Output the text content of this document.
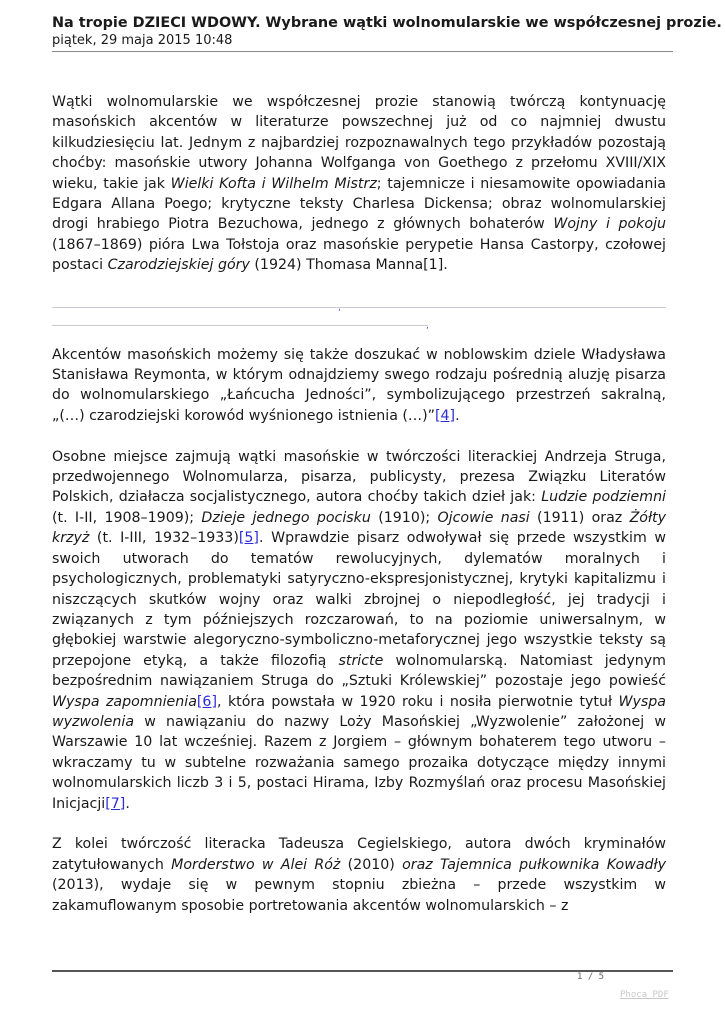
Na tropie DZIECI WDOWY. Wybrane wątki wolnomularskie we współczesnej prozie.
piątek, 29 maja 2015 10:48

Wątki wolnomularskie we współczesnej prozie stanowią twórczą kontynuację masońskich akcentów w literaturze powszechnej już od co najmniej dwustu kilkudziesięciu lat. Jednym z najbardziej rozpoznawalnych tego przykładów pozostają choćby: masońskie utwory Johanna Wolfganga von Goethego z przełomu XVIII/XIX wieku, takie jak Wielki Kofta i Wilhelm Mistrz; tajemnicze i niesamowite opowiadania Edgara Allana Poego; krytyczne teksty Charlesa Dickensa; obraz wolnomularskiej drogi hrabiego Piotra Bezuchowa, jednego z głównych bohaterów Wojny i pokoju (1867–1869) pióra Lwa Tołstoja oraz masońskie perypetie Hansa Castorpy, czołowej postaci Czarodziejskiej góry (1924) Thomasa Manna[1].

,
,

Akcentów masońskich możemy się także doszukać w noblowskim dziele Władysława Stanisława Reymonta, w którym odnajdziemy swego rodzaju pośrednią aluzję pisarza do wolnomularskiego „Łańcucha Jedności”, symbolizującego przestrzeń sakralną, „(…) czarodziejski korowód wyśnionego istnienia (…)”[4].

Osobne miejsce zajmują wątki masońskie w twórczości literackiej Andrzeja Struga, przedwojennego Wolnomularza, pisarza, publicysty, prezesa Związku Literatów Polskich, działacza socjalistycznego, autora choćby takich dzieł jak: Ludzie podziemni (t. I-II, 1908–1909); Dzieje jednego pocisku (1910); Ojcowie nasi (1911) oraz Żółty krzyż (t. I-III, 1932–1933)[5]. Wprawdzie pisarz odwoływał się przede wszystkim w swoich utworach do tematów rewolucyjnych, dylematów moralnych i psychologicznych, problematyki satyryczno-ekspresjonistycznej, krytyki kapitalizmu i niszczących skutków wojny oraz walki zbrojnej o niepodległość, jej tradycji i związanych z tym późniejszych rozczarowań, to na poziomie uniwersalnym, w głębokiej warstwie alegoryczno-symboliczno-metaforycznej jego wszystkie teksty są przepojone etyką, a także filozofią stricte wolnomularską. Natomiast jedynym bezpośrednim nawiązaniem Struga do „Sztuki Królewskiej” pozostaje jego powieść Wyspa zapomnienia[6], która powstała w 1920 roku i nosiła pierwotnie tytuł Wyspa wyzwolenia w nawiązaniu do nazwy Loży Masońskiej „Wyzwolenie” założonej w Warszawie 10 lat wcześniej. Razem z Jorgiem – głównym bohaterem tego utworu – wkraczamy tu w subtelne rozważania samego prozaika dotyczące między innymi wolnomularskich liczb 3 i 5, postaci Hirama, Izby Rozmyślań oraz procesu Masońskiej Inicjacji[7].

Z kolei twórczość literacka Tadeusza Cegielskiego, autora dwóch kryminałów zatytułowanych Morderstwo w Alei Róż (2010) oraz Tajemnica pułkownika Kowadły (2013), wydaje się w pewnym stopniu zbieżna – przede wszystkim w zakamuflowanym sposobie portretowania akcentów wolnomularskich – z

1 / 5
Phoca PDF
